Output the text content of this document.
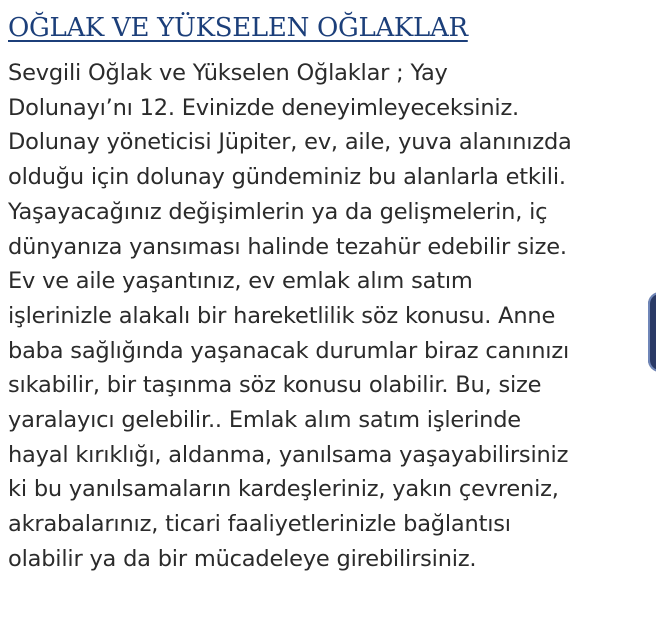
OĞLAK VE YÜKSELEN OĞLAKLAR
Sevgili Oğlak ve Yükselen Oğlaklar ; Yay
Dolunayı’nı 12. Evinizde deneyimleyeceksiniz.
Dolunay yöneticisi Jüpiter, ev, aile, yuva alanınızda
olduğu için dolunay gündeminiz bu alanlarla etkili.
Yaşayacağınız değişimlerin ya da gelişmelerin, iç
dünyanıza yansıması halinde tezahür edebilir size.
Ev ve aile yaşantınız, ev emlak alım satım
işlerinizle alakalı bir hareketlilik söz konusu. Anne
baba sağlığında yaşanacak durumlar biraz canınızı
sıkabilir, bir taşınma söz konusu olabilir. Bu, size
yaralayıcı gelebilir.. Emlak alım satım işlerinde
hayal kırıklığı, aldanma, yanılsama yaşayabilirsiniz
ki bu yanılsamaların kardeşleriniz, yakın çevreniz,
akrabalarınız, ticari faaliyetlerinizle bağlantısı
olabilir ya da bir mücadeleye girebilirsiniz.
